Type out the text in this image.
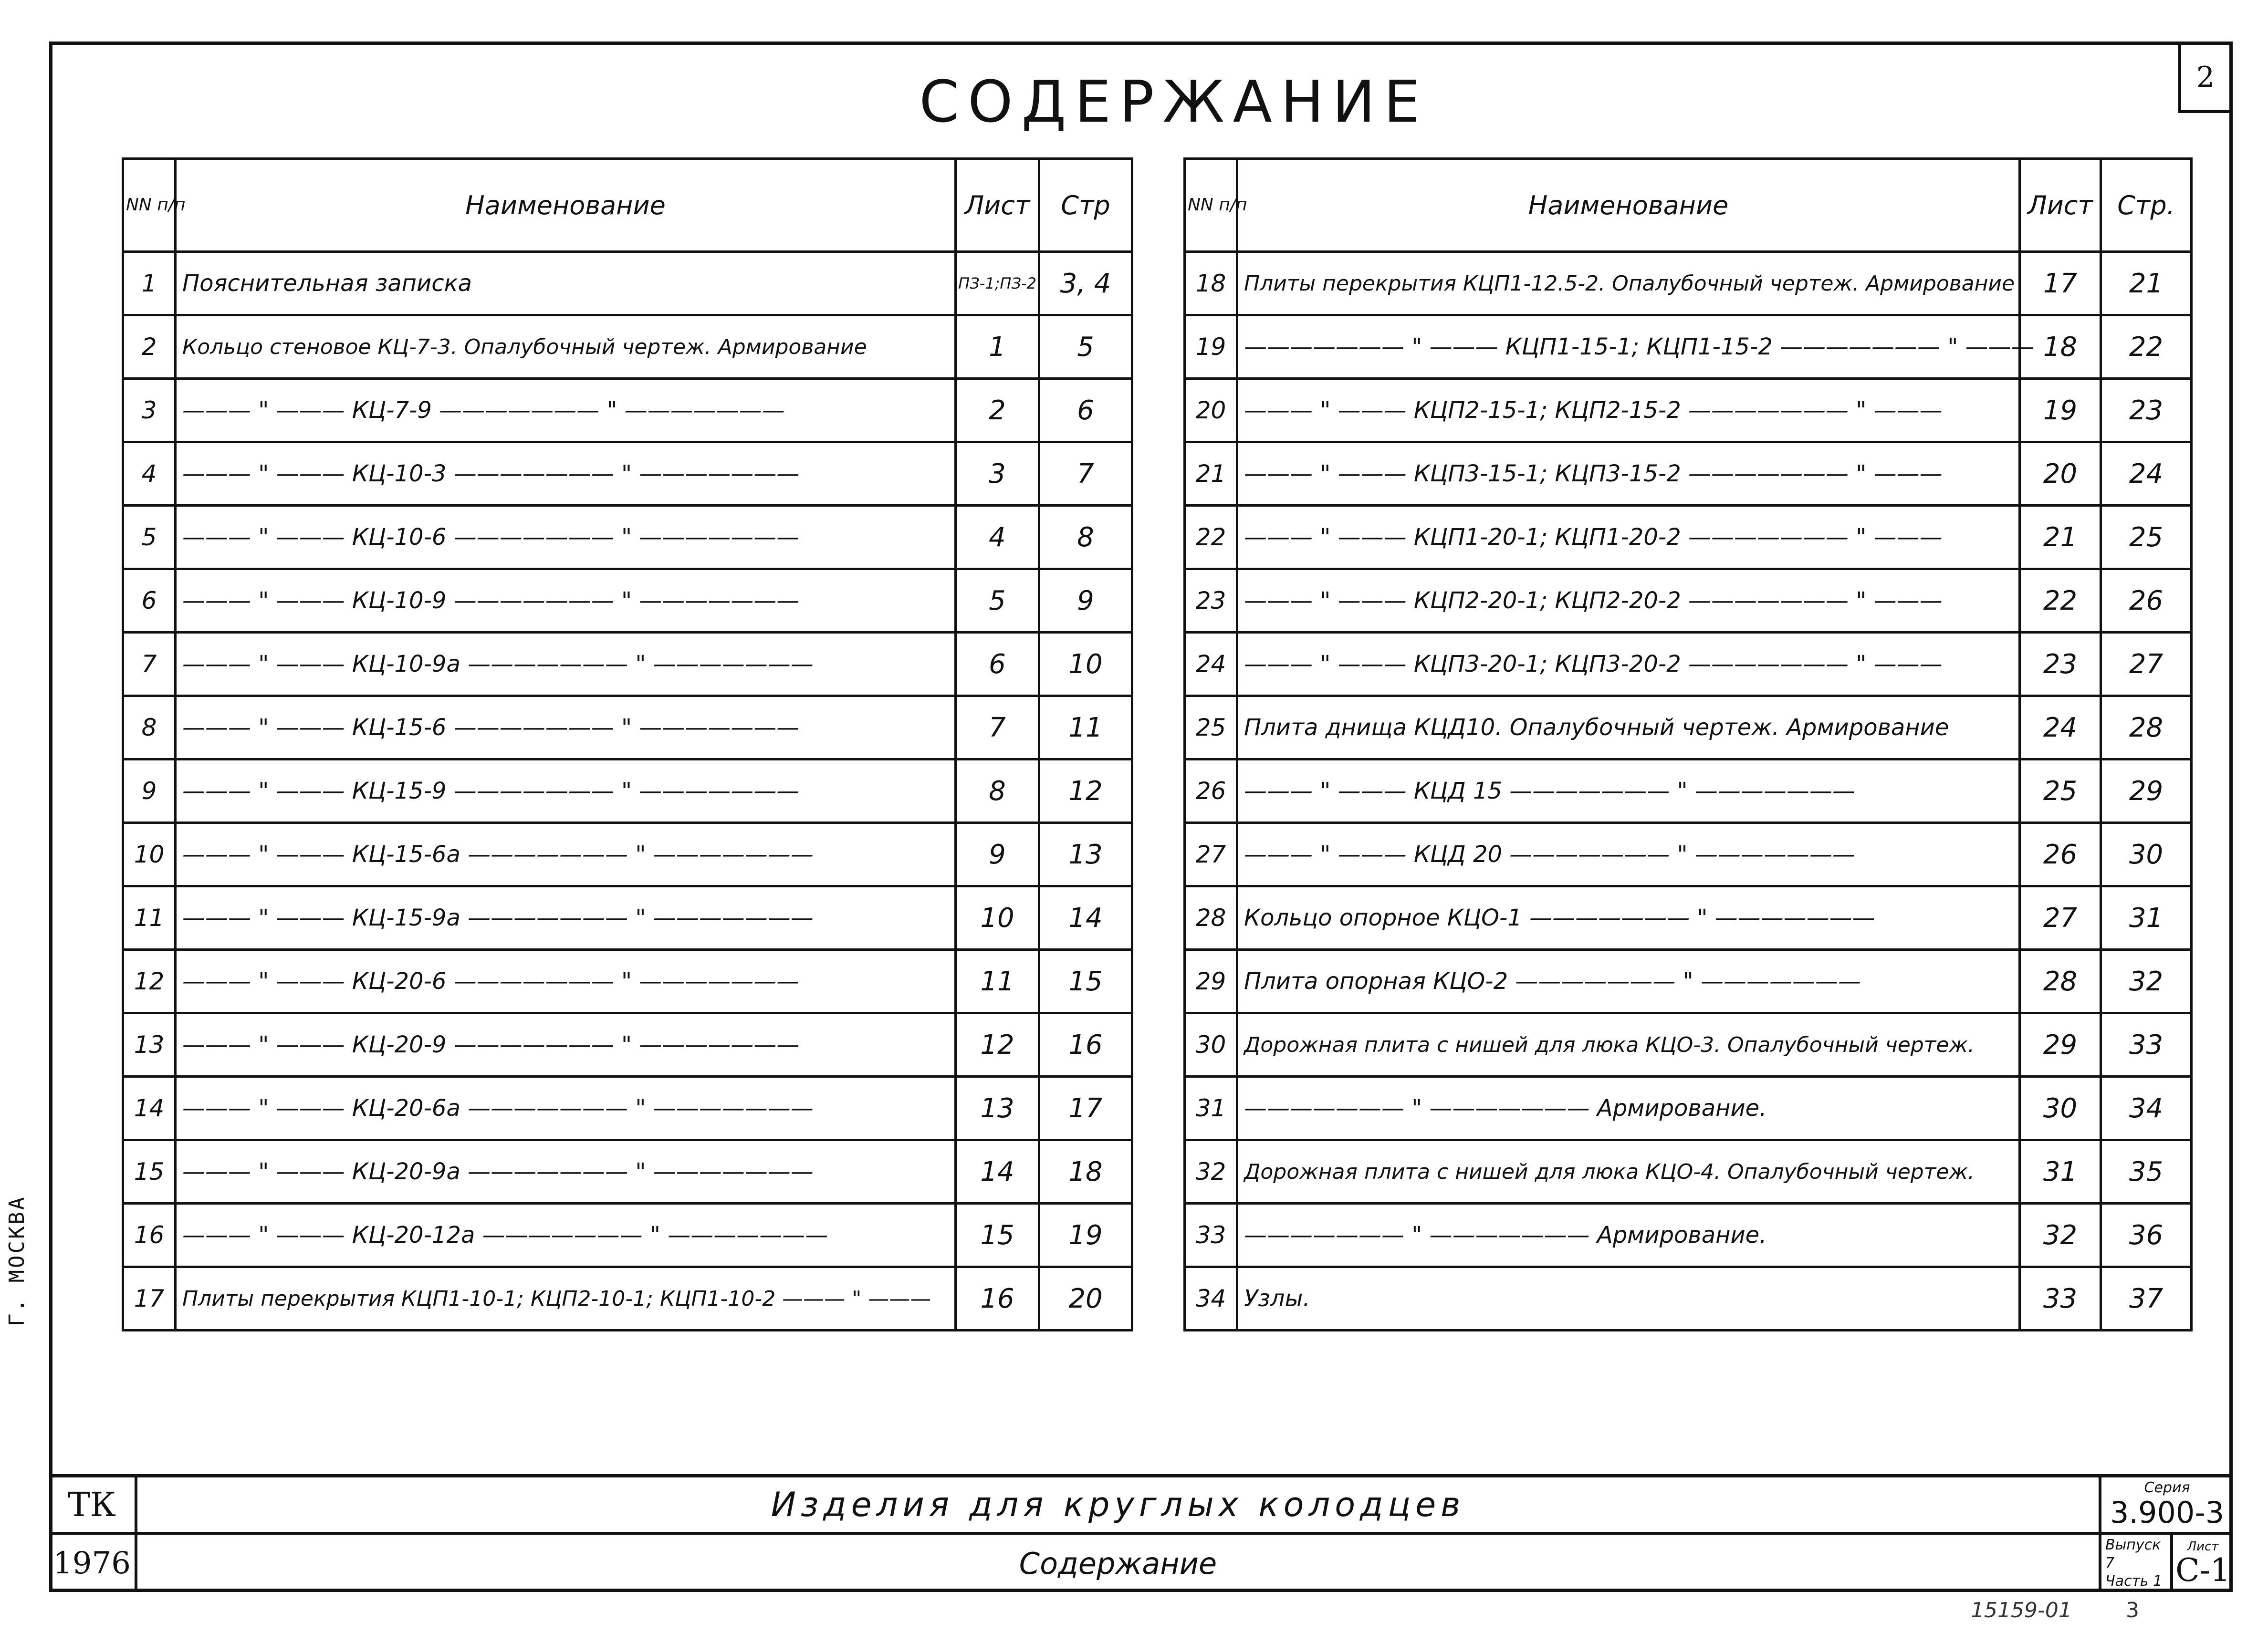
2
СОДЕРЖАНИЕ
Г. МОСКВА
NN п/п	Наименование	Лист	Стр
1	Пояснительная записка	ПЗ-1;ПЗ-2	3, 4
2	Кольцо стеновое КЦ-7-3. Опалубочный чертеж. Армирование	1	5
3	——— " ——— КЦ-7-9 ——————— " ———————	2	6
4	——— " ——— КЦ-10-3 ——————— " ———————	3	7
5	——— " ——— КЦ-10-6 ——————— " ———————	4	8
6	——— " ——— КЦ-10-9 ——————— " ———————	5	9
7	——— " ——— КЦ-10-9а ——————— " ———————	6	10
8	——— " ——— КЦ-15-6 ——————— " ———————	7	11
9	——— " ——— КЦ-15-9 ——————— " ———————	8	12
10	——— " ——— КЦ-15-6а ——————— " ———————	9	13
11	——— " ——— КЦ-15-9а ——————— " ———————	10	14
12	——— " ——— КЦ-20-6 ——————— " ———————	11	15
13	——— " ——— КЦ-20-9 ——————— " ———————	12	16
14	——— " ——— КЦ-20-6а ——————— " ———————	13	17
15	——— " ——— КЦ-20-9а ——————— " ———————	14	18
16	——— " ——— КЦ-20-12а ——————— " ———————	15	19
17	Плиты перекрытия КЦП1-10-1; КЦП2-10-1; КЦП1-10-2 ——— " ———	16	20
NN п/п	Наименование	Лист	Стр.
18	Плиты перекрытия КЦП1-12.5-2. Опалубочный чертеж. Армирование	17	21
19	——————— " ——— КЦП1-15-1; КЦП1-15-2 ——————— " ———	18	22
20	——— " ——— КЦП2-15-1; КЦП2-15-2 ——————— " ———	19	23
21	——— " ——— КЦП3-15-1; КЦП3-15-2 ——————— " ———	20	24
22	——— " ——— КЦП1-20-1; КЦП1-20-2 ——————— " ———	21	25
23	——— " ——— КЦП2-20-1; КЦП2-20-2 ——————— " ———	22	26
24	——— " ——— КЦП3-20-1; КЦП3-20-2 ——————— " ———	23	27
25	Плита днища КЦД10. Опалубочный чертеж. Армирование	24	28
26	——— " ——— КЦД 15 ——————— " ———————	25	29
27	——— " ——— КЦД 20 ——————— " ———————	26	30
28	Кольцо опорное КЦО-1 ——————— " ———————	27	31
29	Плита опорная КЦО-2 ——————— " ———————	28	32
30	Дорожная плита с нишей для люка КЦО-3. Опалубочный чертеж.	29	33
31	——————— " ——————— Армирование.	30	34
32	Дорожная плита с нишей для люка КЦО-4. Опалубочный чертеж.	31	35
33	——————— " ——————— Армирование.	32	36
34	Узлы.	33	37
ТК
1976
Изделия для круглых колодцев
Содержание
Серия
3.900-3
Выпуск 7
Часть 1
Лист
С-1
15159-01	3
